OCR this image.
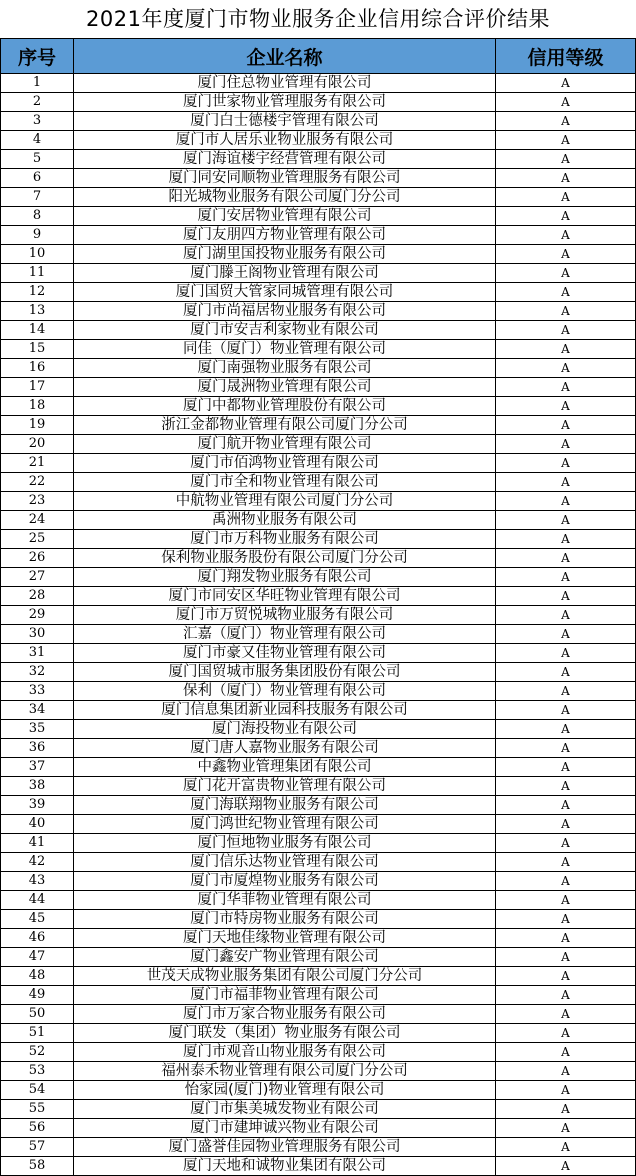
2021年度厦门市物业服务企业信用综合评价结果
序号	企业名称	信用等级
1	厦门住总物业管理有限公司	A
2	厦门世家物业管理服务有限公司	A
3	厦门白士德楼宇管理有限公司	A
4	厦门市人居乐业物业服务有限公司	A
5	厦门海谊楼宇经营管理有限公司	A
6	厦门同安同顺物业管理服务有限公司	A
7	阳光城物业服务有限公司厦门分公司	A
8	厦门安居物业管理有限公司	A
9	厦门友朋四方物业管理有限公司	A
10	厦门湖里国投物业服务有限公司	A
11	厦门滕王阁物业管理有限公司	A
12	厦门国贸大管家同城管理有限公司	A
13	厦门市尚福居物业服务有限公司	A
14	厦门市安吉利家物业有限公司	A
15	同佳（厦门）物业管理有限公司	A
16	厦门南强物业服务有限公司	A
17	厦门晟洲物业管理有限公司	A
18	厦门中都物业管理股份有限公司	A
19	浙江金都物业管理有限公司厦门分公司	A
20	厦门航开物业管理有限公司	A
21	厦门市佰鸿物业管理有限公司	A
22	厦门市全和物业管理有限公司	A
23	中航物业管理有限公司厦门分公司	A
24	禹洲物业服务有限公司	A
25	厦门市万科物业服务有限公司	A
26	保利物业服务股份有限公司厦门分公司	A
27	厦门翔发物业服务有限公司	A
28	厦门市同安区华旺物业管理有限公司	A
29	厦门市万贸悦城物业服务有限公司	A
30	汇嘉（厦门）物业管理有限公司	A
31	厦门市豪又佳物业管理有限公司	A
32	厦门国贸城市服务集团股份有限公司	A
33	保利（厦门）物业管理有限公司	A
34	厦门信息集团新业园科技服务有限公司	A
35	厦门海投物业有限公司	A
36	厦门唐人嘉物业服务有限公司	A
37	中鑫物业管理集团有限公司	A
38	厦门花开富贵物业管理有限公司	A
39	厦门海联翔物业服务有限公司	A
40	厦门鸿世纪物业管理有限公司	A
41	厦门恒地物业服务有限公司	A
42	厦门信乐达物业管理有限公司	A
43	厦门市厦煌物业服务有限公司	A
44	厦门华菲物业管理有限公司	A
45	厦门市特房物业服务有限公司	A
46	厦门天地佳缘物业管理有限公司	A
47	厦门鑫安广物业管理有限公司	A
48	世茂天成物业服务集团有限公司厦门分公司	A
49	厦门市福菲物业管理有限公司	A
50	厦门市万家合物业服务有限公司	A
51	厦门联发（集团）物业服务有限公司	A
52	厦门市观音山物业服务有限公司	A
53	福州泰禾物业管理有限公司厦门分公司	A
54	怡家园(厦门)物业管理有限公司	A
55	厦门市集美城发物业有限公司	A
56	厦门市建坤诚兴物业有限公司	A
57	厦门盛誉佳园物业管理服务有限公司	A
58	厦门天地和诚物业集团有限公司	A
